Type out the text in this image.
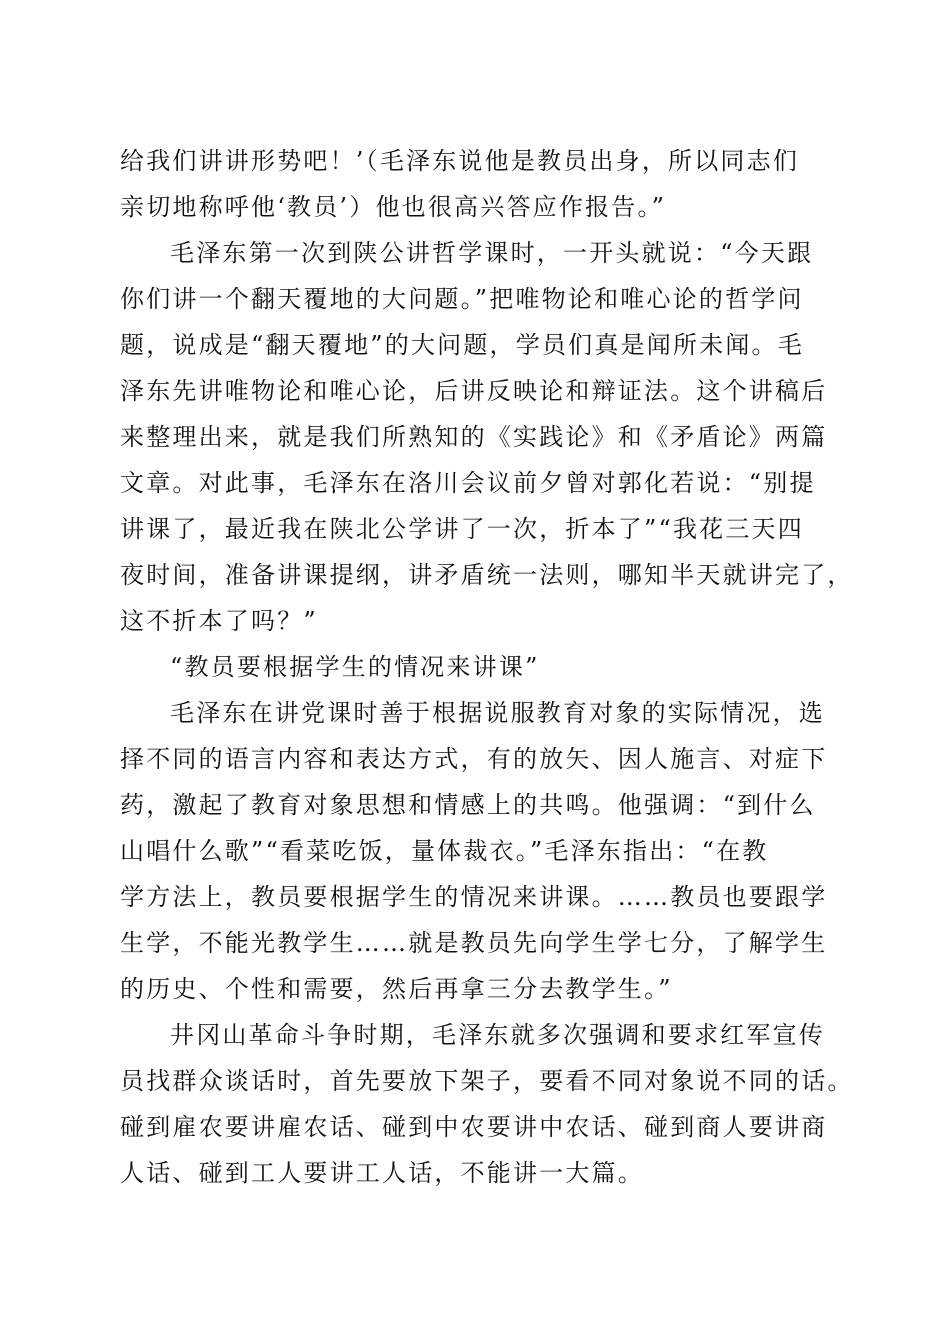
给我们讲讲形势吧！’（毛泽东说他是教员出身，所以同志们
亲切地称呼他‘教员’）他也很高兴答应作报告。”
毛泽东第一次到陕公讲哲学课时，一开头就说：“今天跟
你们讲一个翻天覆地的大问题。”把唯物论和唯心论的哲学问
题，说成是“翻天覆地”的大问题，学员们真是闻所未闻。毛
泽东先讲唯物论和唯心论，后讲反映论和辩证法。这个讲稿后
来整理出来，就是我们所熟知的《实践论》和《矛盾论》两篇
文章。对此事，毛泽东在洛川会议前夕曾对郭化若说：“别提
讲课了，最近我在陕北公学讲了一次，折本了”“我花三天四
夜时间，准备讲课提纲，讲矛盾统一法则，哪知半天就讲完了，
这不折本了吗？”
“教员要根据学生的情况来讲课”
毛泽东在讲党课时善于根据说服教育对象的实际情况，选
择不同的语言内容和表达方式，有的放矢、因人施言、对症下
药，激起了教育对象思想和情感上的共鸣。他强调：“到什么
山唱什么歌”“看菜吃饭，量体裁衣。”毛泽东指出：“在教
学方法上，教员要根据学生的情况来讲课。……教员也要跟学
生学，不能光教学生……就是教员先向学生学七分，了解学生
的历史、个性和需要，然后再拿三分去教学生。”
井冈山革命斗争时期，毛泽东就多次强调和要求红军宣传
员找群众谈话时，首先要放下架子，要看不同对象说不同的话。
碰到雇农要讲雇农话、碰到中农要讲中农话、碰到商人要讲商
人话、碰到工人要讲工人话，不能讲一大篇。
